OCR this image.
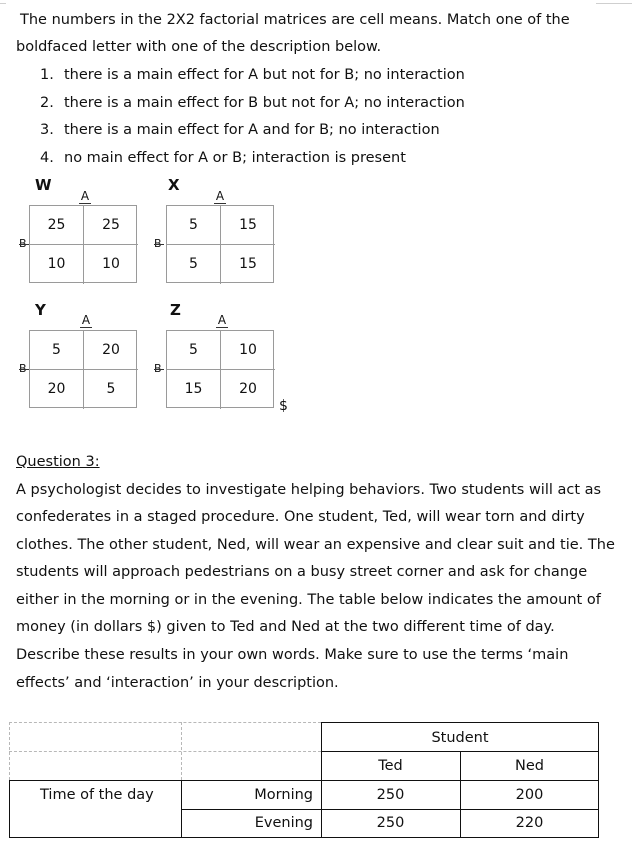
The numbers in the 2X2 factorial matrices are cell means. Match one of the
boldfaced letter with one of the description below.
1. there is a main effect for A but not for B; no interaction
2. there is a main effect for B but not for A; no interaction
3. there is a main effect for A and for B; no interaction
4. no main effect for A or B; interaction is present
W
A
B
25	25
10	10
X
A
B
5	15
5	15
Y
A
B
5	20
20	5
Z
A
B
5	10
15	20
$
Question 3:
A psychologist decides to investigate helping behaviors. Two students will act as
confederates in a staged procedure. One student, Ted, will wear torn and dirty
clothes. The other student, Ned, will wear an expensive and clear suit and tie. The
students will approach pedestrians on a busy street corner and ask for change
either in the morning or in the evening. The table below indicates the amount of
money (in dollars $) given to Ted and Ned at the two different time of day.
Describe these results in your own words. Make sure to use the terms ‘main
effects’ and ‘interaction’ in your description.
Student
Ted	Ned
Time of the day	Morning	250	200
Evening	250	220
